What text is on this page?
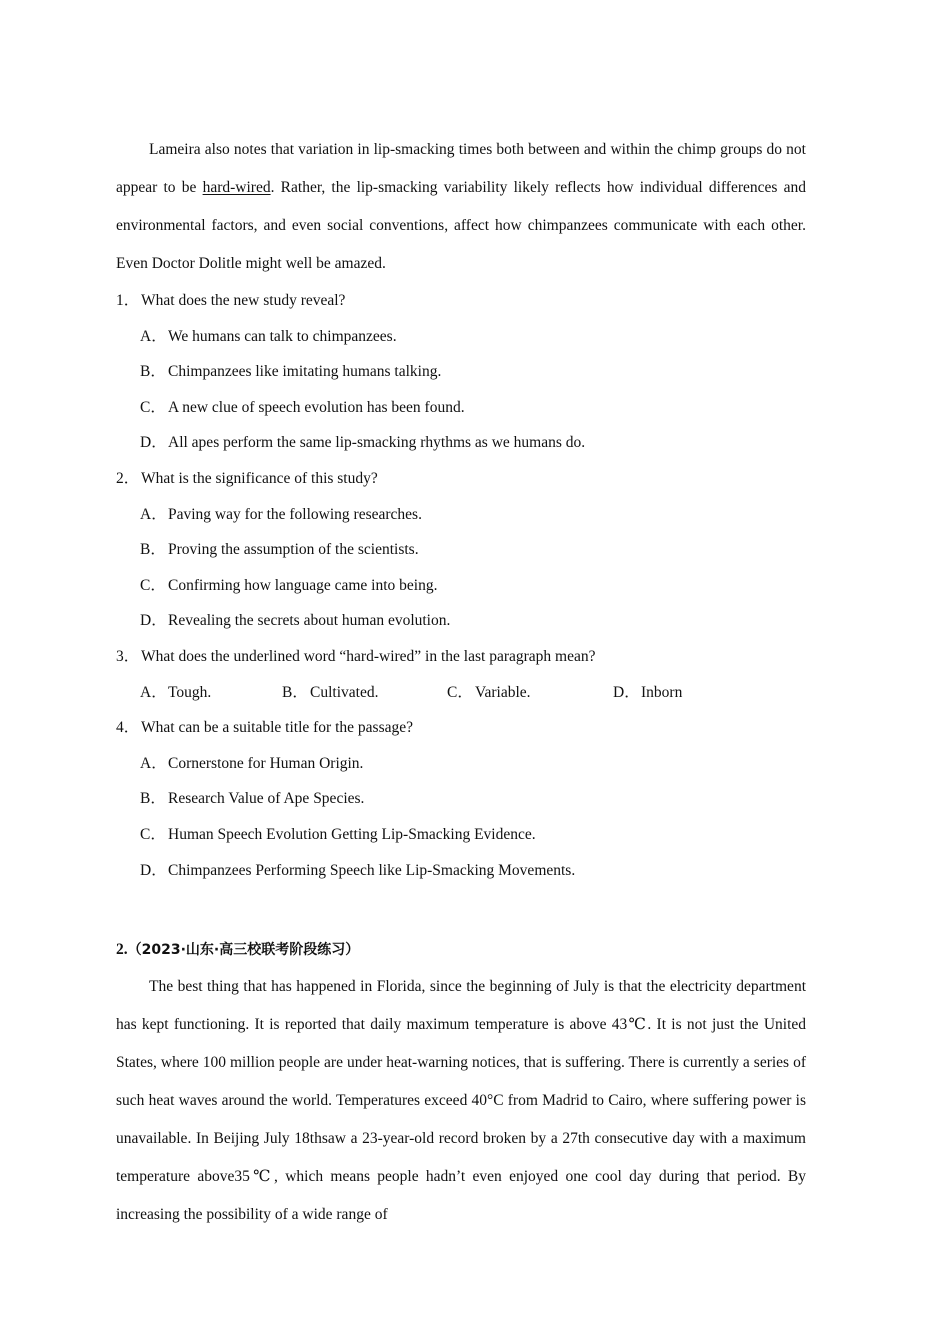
Lameira also notes that variation in lip-smacking times both between and within the chimp groups do not appear to be hard-wired. Rather, the lip-smacking variability likely reflects how individual differences and environmental factors, and even social conventions, affect how chimpanzees communicate with each other. Even Doctor Dolitle might well be amazed.

1． What does the new study reveal?
A．We humans can talk to chimpanzees.
B． Chimpanzees like imitating humans talking.
C． A new clue of speech evolution has been found.
D．All apes perform the same lip-smacking rhythms as we humans do.
2． What is the significance of this study?
A．Paving way for the following researches.
B． Proving the assumption of the scientists.
C． Confirming how language came into being.
D．Revealing the secrets about human evolution.
3． What does the underlined word “hard-wired” in the last paragraph mean?
A．Tough.	B． Cultivated.	C． Variable.	D．Inborn
4． What can be a suitable title for the passage?
A．Cornerstone for Human Origin.
B． Research Value of Ape Species.
C． Human Speech Evolution Getting Lip-Smacking Evidence.
D．Chimpanzees Performing Speech like Lip-Smacking Movements.
2.（2023·山东·高三校联考阶段练习）

The best thing that has happened in Florida, since the beginning of July is that the electricity department has kept functioning. It is reported that daily maximum temperature is above 43℃. It is not just the United States, where 100 million people are under heat-warning notices, that is suffering. There is currently a series of such heat waves around the world. Temperatures exceed 40°C from Madrid to Cairo, where suffering power is unavailable. In Beijing July 18thsaw a 23-year-old record broken by a 27th consecutive day with a maximum temperature above35℃, which means people hadn’t even enjoyed one cool day during that period. By increasing the possibility of a wide range of
